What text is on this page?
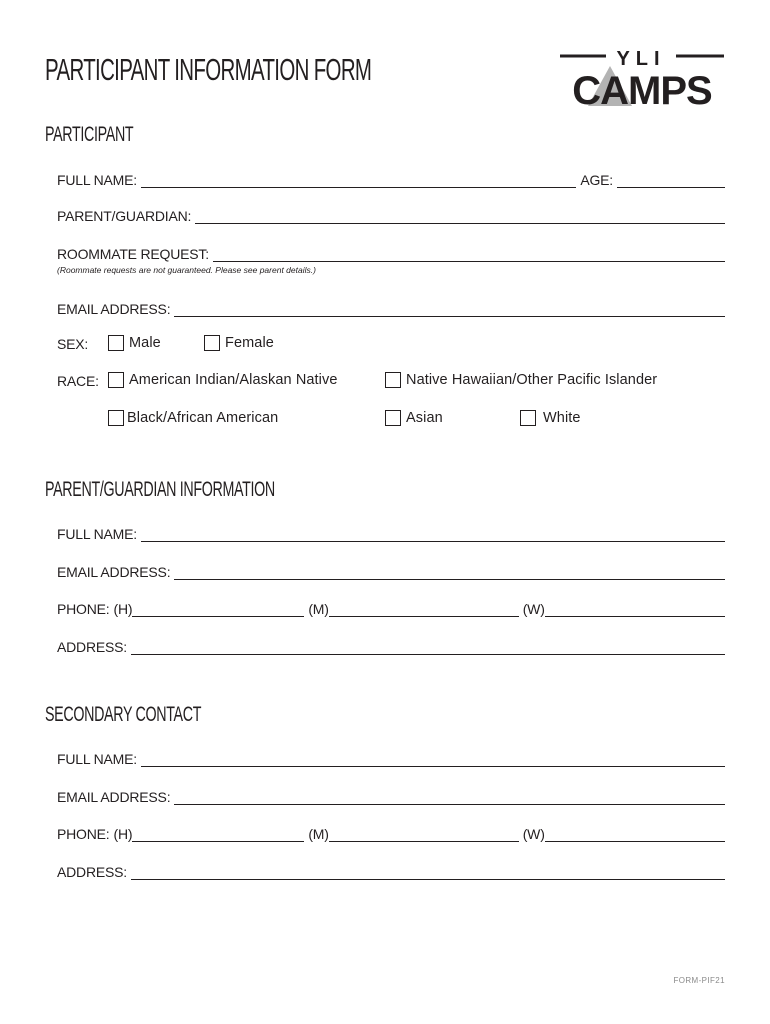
PARTICIPANT INFORMATION FORM	YLI
CAMPS
PARTICIPANT
FULL NAME:	AGE:
PARENT/GUARDIAN:
ROOMMATE REQUEST:
(Roommate requests are not guaranteed. Please see parent details.)
EMAIL ADDRESS:
SEX:	Male	Female
RACE: American Indian/Alaskan Native	Native Hawaiian/Other Pacific Islander
Black/African American	Asian	White
PARENT/GUARDIAN INFORMATION
FULL NAME:
EMAIL ADDRESS:
PHONE: (H)	(M)	(W)
ADDRESS:
SECONDARY CONTACT
FULL NAME:
EMAIL ADDRESS:
PHONE: (H)	(M)	(W)
ADDRESS:
FORM-PIF21
